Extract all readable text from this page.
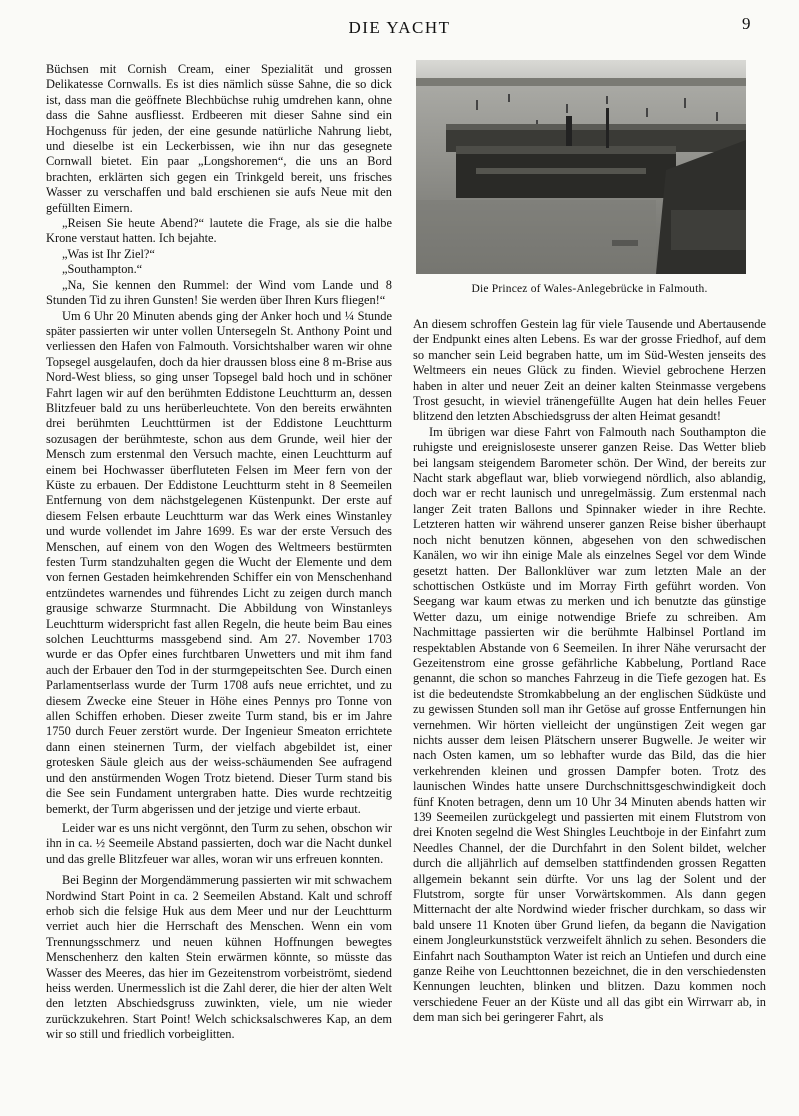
DIE YACHT	9

Büchsen mit Cornish Cream, einer Spezialität und grossen Delikatesse Cornwalls. Es ist dies nämlich süsse Sahne, die so dick ist, dass man die geöffnete Blechbüchse ruhig umdrehen kann, ohne dass die Sahne ausfliesst. Erdbeeren mit dieser Sahne sind ein Hochgenuss für jeden, der eine gesunde natürliche Nahrung liebt, und dieselbe ist ein Leckerbissen, wie ihn nur das gesegnete Cornwall bietet. Ein paar „Longshoremen“, die uns an Bord brachten, erklärten sich gegen ein Trinkgeld bereit, uns frisches Wasser zu verschaffen und bald erschienen sie aufs Neue mit den gefüllten Eimern.

„Reisen Sie heute Abend?“ lautete die Frage, als sie die halbe Krone verstaut hatten. Ich bejahte.

„Was ist Ihr Ziel?“

„Southampton.“

„Na, Sie kennen den Rummel: der Wind vom Lande und 8 Stunden Tid zu ihren Gunsten! Sie werden über Ihren Kurs fliegen!“

Um 6 Uhr 20 Minuten abends ging der Anker hoch und ¼ Stunde später passierten wir unter vollen Untersegeln St. Anthony Point und verliessen den Hafen von Falmouth. Vorsichtshalber waren wir ohne Topsegel ausgelaufen, doch da hier draussen bloss eine 8 m-Brise aus Nord-West bliess, so ging unser Topsegel bald hoch und in schöner Fahrt lagen wir auf den berühmten Eddistone Leuchtturm an, dessen Blitzfeuer bald zu uns herüberleuchtete. Von den bereits erwähnten drei berühmten Leuchttürmen ist der Eddistone Leuchtturm sozusagen der berühmteste, schon aus dem Grunde, weil hier der Mensch zum erstenmal den Versuch machte, einen Leuchtturm auf einem bei Hochwasser überfluteten Felsen im Meer fern von der Küste zu erbauen. Der Eddistone Leuchtturm steht in 8 Seemeilen Entfernung von dem nächstgelegenen Küstenpunkt. Der erste auf diesem Felsen erbaute Leuchtturm war das Werk eines Winstanley und wurde vollendet im Jahre 1699. Es war der erste Versuch des Menschen, auf einem von den Wogen des Weltmeers bestürmten festen Turm standzuhalten gegen die Wucht der Elemente und dem von fernen Gestaden heimkehrenden Schiffer ein von Menschenhand entzündetes warnendes und führendes Licht zu zeigen durch manch grausige schwarze Sturmnacht. Die Abbildung von Winstanleys Leuchtturm widerspricht fast allen Regeln, die heute beim Bau eines solchen Leuchtturms massgebend sind. Am 27. November 1703 wurde er das Opfer eines furchtbaren Unwetters und mit ihm fand auch der Erbauer den Tod in der sturmgepeitschten See. Durch einen Parlamentserlass wurde der Turm 1708 aufs neue errichtet, und zu diesem Zwecke eine Steuer in Höhe eines Pennys pro Tonne von allen Schiffen erhoben. Dieser zweite Turm stand, bis er im Jahre 1750 durch Feuer zerstört wurde. Der Ingenieur Smeaton errichtete dann einen steinernen Turm, der vielfach abgebildet ist, einer grotesken Säule gleich aus der weiss-schäumenden See aufragend und den anstürmenden Wogen Trotz bietend. Dieser Turm stand bis die See sein Fundament untergraben hatte. Dies wurde rechtzeitig bemerkt, der Turm abgerissen und der jetzige und vierte erbaut.

Leider war es uns nicht vergönnt, den Turm zu sehen, obschon wir ihn in ca. ½ Seemeile Abstand passierten, doch war die Nacht dunkel und das grelle Blitzfeuer war alles, woran wir uns erfreuen konnten.

Bei Beginn der Morgendämmerung passierten wir mit schwachem Nordwind Start Point in ca. 2 Seemeilen Abstand. Kalt und schroff erhob sich die felsige Huk aus dem Meer und nur der Leuchtturm verriet auch hier die Herrschaft des Menschen. Wenn ein vom Trennungsschmerz und neuen kühnen Hoffnungen bewegtes Menschenherz den kalten Stein erwärmen könnte, so müsste das Wasser des Meeres, das hier im Gezeitenstrom vorbeiströmt, siedend heiss werden. Unermesslich ist die Zahl derer, die hier der alten Welt den letzten Abschiedsgruss zuwinkten, viele, um nie wieder zurückzukehren. Start Point! Welch schicksalschweres Kap, an dem wir so still und friedlich vorbeiglitten.

Die Princez of Wales-Anlegebrücke in Falmouth.

An diesem schroffen Gestein lag für viele Tausende und Abertausende der Endpunkt eines alten Lebens. Es war der grosse Friedhof, auf dem so mancher sein Leid begraben hatte, um im Süd-Westen jenseits des Weltmeers ein neues Glück zu finden. Wieviel gebrochene Herzen haben in alter und neuer Zeit an deiner kalten Steinmasse vergebens Trost gesucht, in wieviel tränengefüllte Augen hat dein helles Feuer blitzend den letzten Abschiedsgruss der alten Heimat gesandt!

Im übrigen war diese Fahrt von Falmouth nach Southampton die ruhigste und ereignisloseste unserer ganzen Reise. Das Wetter blieb bei langsam steigendem Barometer schön. Der Wind, der bereits zur Nacht stark abgeflaut war, blieb vorwiegend nördlich, also ablandig, doch war er recht launisch und unregelmässig. Zum erstenmal nach langer Zeit traten Ballons und Spinnaker wieder in ihre Rechte. Letzteren hatten wir während unserer ganzen Reise bisher überhaupt noch nicht benutzen können, abgesehen von den schwedischen Kanälen, wo wir ihn einige Male als einzelnes Segel vor dem Winde gesetzt hatten. Der Ballonklüver war zum letzten Male an der schottischen Ostküste und im Morray Firth geführt worden. Von Seegang war kaum etwas zu merken und ich benutzte das günstige Wetter dazu, um einige notwendige Briefe zu schreiben. Am Nachmittage passierten wir die berühmte Halbinsel Portland im respektablen Abstande von 6 Seemeilen. In ihrer Nähe verursacht der Gezeitenstrom eine grosse gefährliche Kabbelung, Portland Race genannt, die schon so manches Fahrzeug in die Tiefe gezogen hat. Es ist die bedeutendste Stromkabbelung an der englischen Südküste und zu gewissen Stunden soll man ihr Getöse auf grosse Entfernungen hin vernehmen. Wir hörten vielleicht der ungünstigen Zeit wegen gar nichts ausser dem leisen Plätschern unserer Bugwelle. Je weiter wir nach Osten kamen, um so lebhafter wurde das Bild, das die hier verkehrenden kleinen und grossen Dampfer boten. Trotz des launischen Windes hatte unsere Durchschnittsgeschwindigkeit doch fünf Knoten betragen, denn um 10 Uhr 34 Minuten abends hatten wir 139 Seemeilen zurückgelegt und passierten mit einem Flutstrom von drei Knoten segelnd die West Shingles Leuchtboje in der Einfahrt zum Needles Channel, der die Durchfahrt in den Solent bildet, welcher durch die alljährlich auf demselben stattfindenden grossen Regatten allgemein bekannt sein dürfte. Vor uns lag der Solent und der Flutstrom, sorgte für unser Vorwärtskommen. Als dann gegen Mitternacht der alte Nordwind wieder frischer durchkam, so dass wir bald unsere 11 Knoten über Grund liefen, da begann die Navigation einem Jongleurkunststück verzweifelt ähnlich zu sehen. Besonders die Einfahrt nach Southampton Water ist reich an Untiefen und durch eine ganze Reihe von Leuchttonnen bezeichnet, die in den verschiedensten Kennungen leuchten, blinken und blitzen. Dazu kommen noch verschiedene Feuer an der Küste und all das gibt ein Wirrwarr ab, in dem man sich bei geringerer Fahrt, als
